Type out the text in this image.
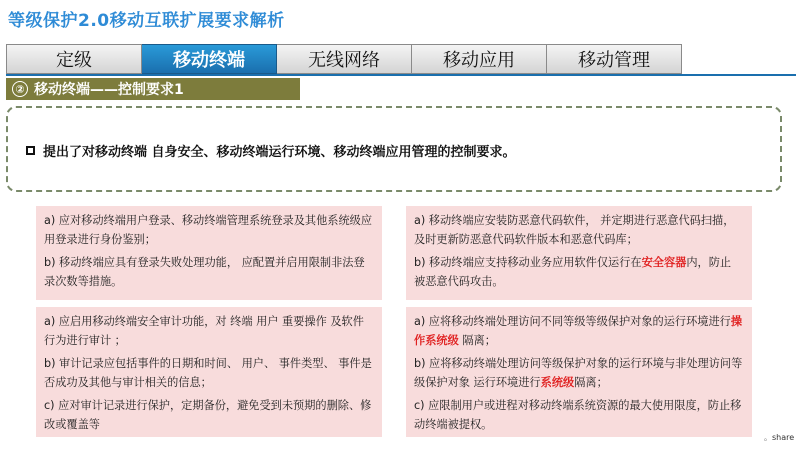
等级保护2.0移动互联扩展要求解析
定级	移动终端	无线网络	移动应用	移动管理
② 移动终端——控制要求1
提出了对移动终端 自身安全、移动终端运行环境、移动终端应用管理的控制要求。

a) 应对移动终端用户登录、移动终端管理系统登录及其他系统级应用登录进行身份鉴别；

b) 移动终端应具有登录失败处理功能， 应配置并启用限制非法登录次数等措施。

a) 移动终端应安装防恶意代码软件， 并定期进行恶意代码扫描，及时更新防恶意代码软件版本和恶意代码库；

b) 移动终端应支持移动业务应用软件仅运行在安全容器内，防止 被恶意代码攻击。

a) 应启用移动终端安全审计功能，对 终端 用户 重要操作 及软件行为进行审计 ；

b) 审计记录应包括事件的日期和时间、 用户、 事件类型、 事件是否成功及其他与审计相关的信息；

c) 应对审计记录进行保护，定期备份，避免受到未预期的删除、修改或覆盖等

a) 应将移动终端处理访问不同等级等级保护对象的运行环境进行操作系统级 隔离；

b) 应将移动终端处理访问等级保护对象的运行环境与非处理访问等级保护对象 运行环境进行系统级隔离；

c) 应限制用户或进程对移动终端系统资源的最大使用限度，防止移动终端被提权。

。share
